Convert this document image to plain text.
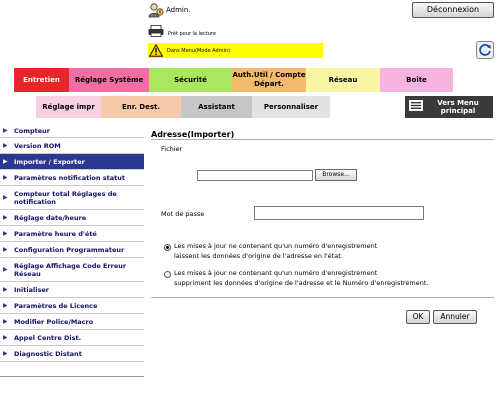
Admin.	Déconnexion
Prêt pour la lecture
Dans Menu(Mode Admin)
Entretien	Réglage Système	Sécurité
Auth.Util / Compte Départ.
Réseau	Boîte
Réglage impr	Enr. Dest.	Assistant	Personnaliser	Vers Menu principal
▶ Compteur
▶ Version ROM
▶ Importer / Exporter
▶ Paramètres notification statut
▶ Compteur total Réglages de notification
▶ Réglage date/heure
▶ Paramètre heure d'été
▶ Configuration Programmateur
▶ Réglage Affichage Code Erreur Réseau
▶ Initialiser
▶ Paramètres de Licence
▶ Modifier Police/Macro
▶ Appel Centre Dist.
▶ Diagnostic Distant
Adresse(Importer)
Fichier
Browse...
Mot de passe
Les mises à jour ne contenant qu'un numéro d'enregistrement
laissent les données d'origine de l'adresse en l'état.
Les mises à jour ne contenant qu'un numéro d'enregistrement
suppriment les données d'origine de l'adresse et le Numéro d'enregistrement.
OK	Annuler
